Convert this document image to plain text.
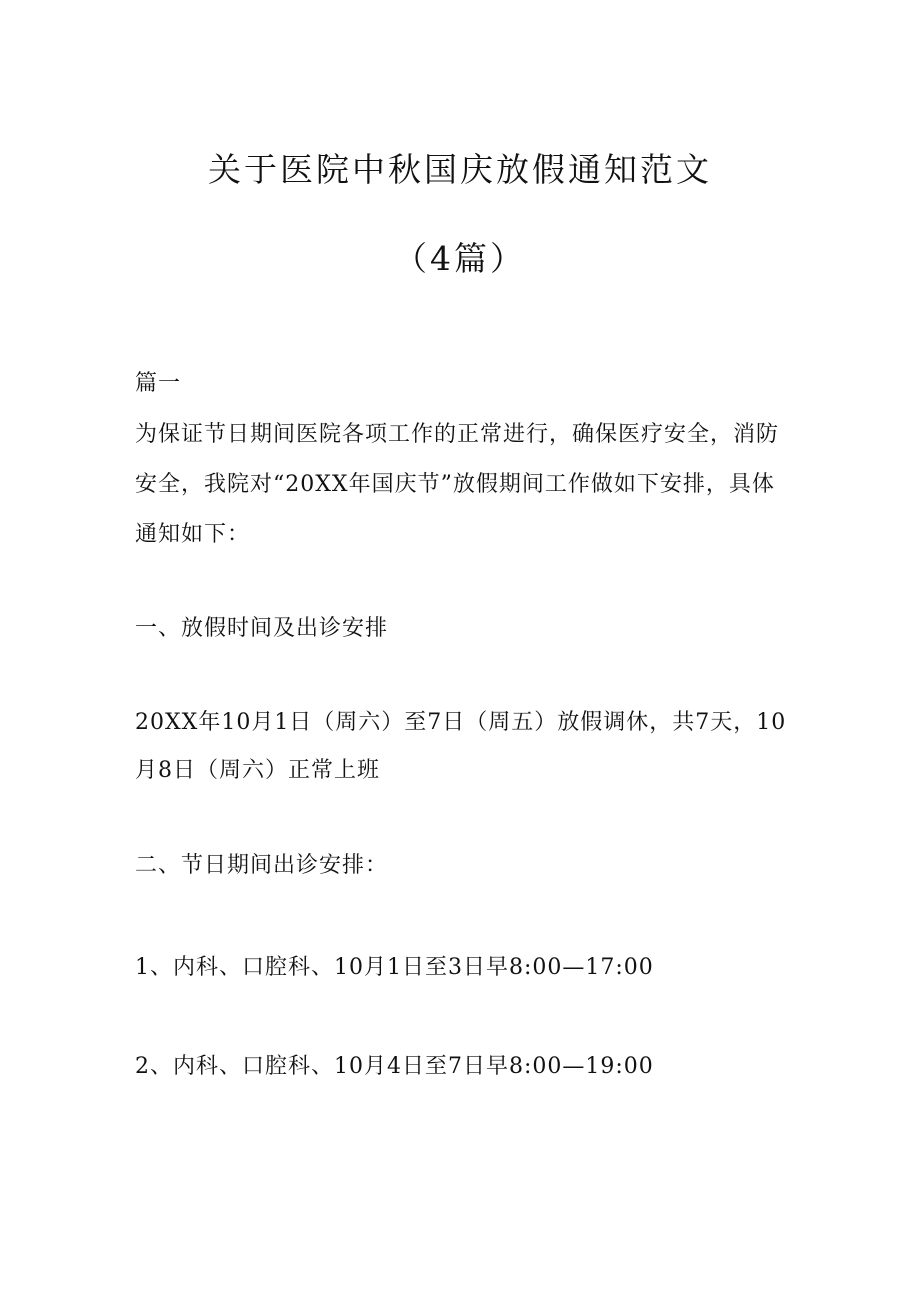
关于医院中秋国庆放假通知范文
（4篇）

篇一

为保证节日期间医院各项工作的正常进行，确保医疗安全，消防

安全，我院对“20XX年国庆节”放假期间工作做如下安排，具体

通知如下：

一、放假时间及出诊安排

20XX年10月1日（周六）至7日（周五）放假调休，共7天，10

月8日（周六）正常上班

二、节日期间出诊安排：

1、内科、口腔科、10月1日至3日早8:00—17:00

2、内科、口腔科、10月4日至7日早8:00—19:00
